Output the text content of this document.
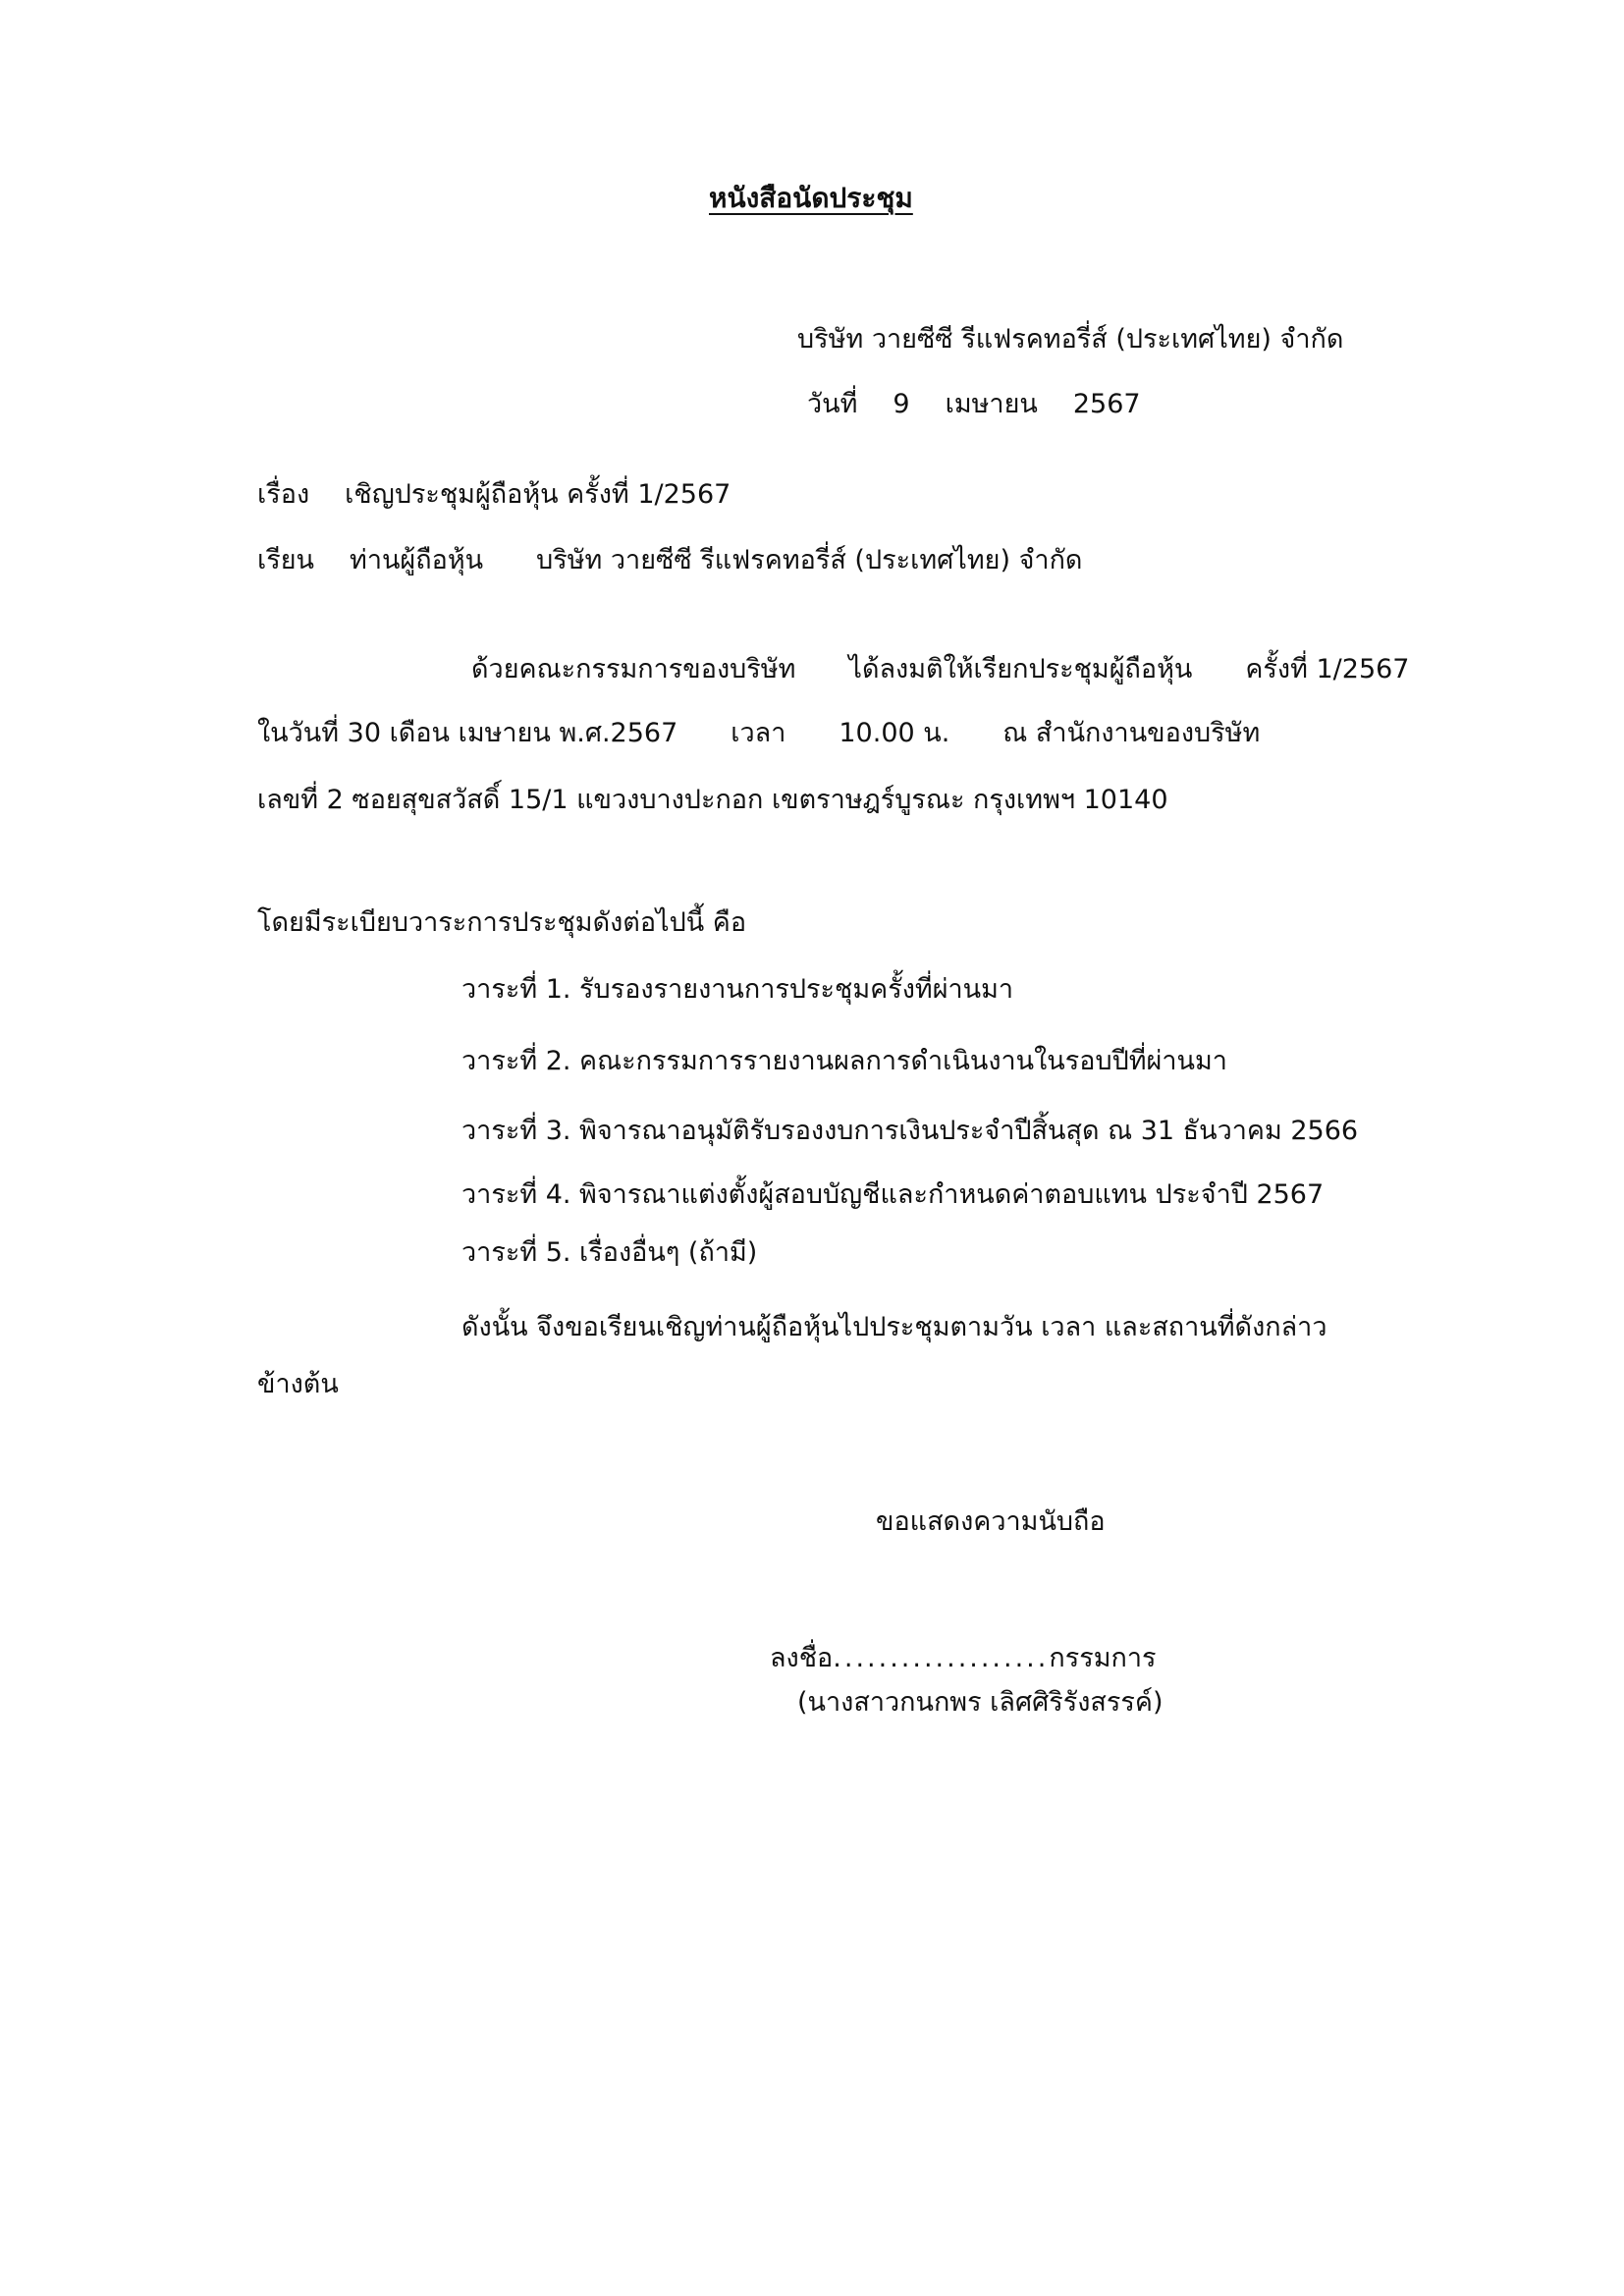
หนังสือนัดประชุม
บริษัท วายซีซี รีแฟรคทอรี่ส์ (ประเทศไทย) จำกัด
วันที่ 9 เมษายน 2567
เรื่อง เชิญประชุมผู้ถือหุ้น ครั้งที่ 1/2567
เรียน ท่านผู้ถือหุ้น บริษัท วายซีซี รีแฟรคทอรี่ส์ (ประเทศไทย) จำกัด
ด้วยคณะกรรมการของบริษัท ได้ลงมติให้เรียกประชุมผู้ถือหุ้น ครั้งที่ 1/2567
ในวันที่ 30 เดือน เมษายน พ.ศ.2567 เวลา 10.00 น. ณ สำนักงานของบริษัท
เลขที่ 2 ซอยสุขสวัสดิ์ 15/1 แขวงบางปะกอก เขตราษฎร์บูรณะ กรุงเทพฯ 10140
โดยมีระเบียบวาระการประชุมดังต่อไปนี้ คือ
วาระที่ 1. รับรองรายงานการประชุมครั้งที่ผ่านมา
วาระที่ 2. คณะกรรมการรายงานผลการดำเนินงานในรอบปีที่ผ่านมา
วาระที่ 3. พิจารณาอนุมัติรับรองงบการเงินประจำปีสิ้นสุด ณ 31 ธันวาคม 2566
วาระที่ 4. พิจารณาแต่งตั้งผู้สอบบัญชีและกำหนดค่าตอบแทน ประจำปี 2567
วาระที่ 5. เรื่องอื่นๆ (ถ้ามี)
ดังนั้น จึงขอเรียนเชิญท่านผู้ถือหุ้นไปประชุมตามวัน เวลา และสถานที่ดังกล่าว
ข้างต้น
ขอแสดงความนับถือ
ลงชื่อ...................กรรมการ
(นางสาวกนกพร เลิศศิริรังสรรค์)
